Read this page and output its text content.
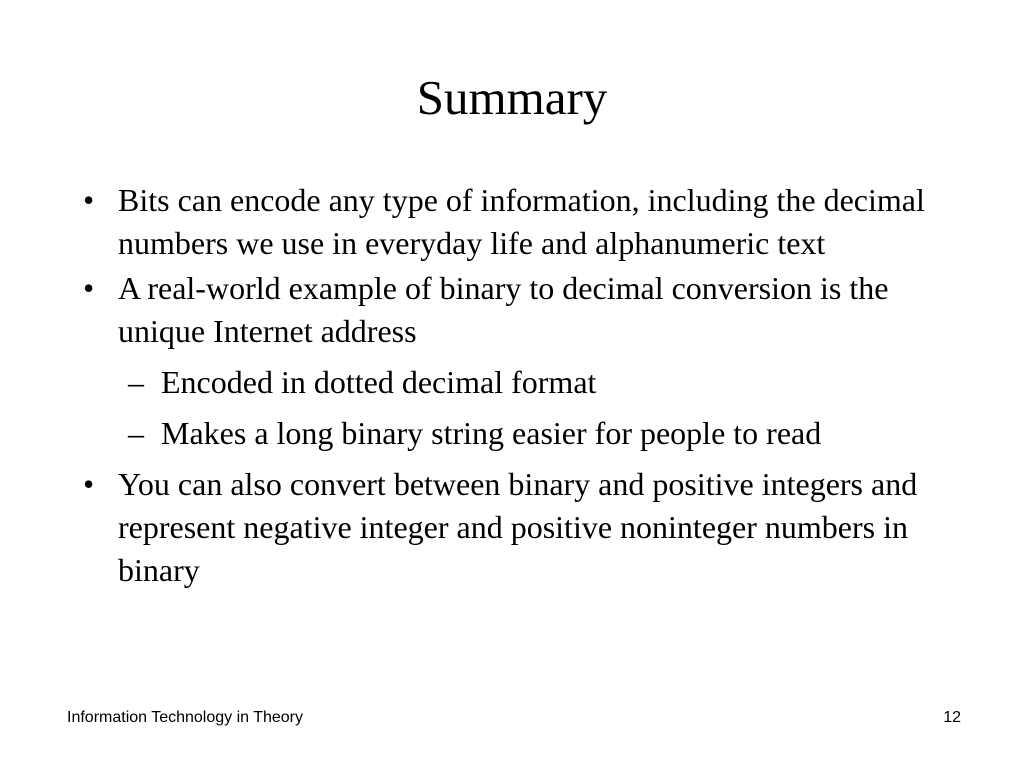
Summary
• Bits can encode any type of information, including the decimal numbers we use in everyday life and alphanumeric text
• A real-world example of binary to decimal conversion is the unique Internet address
– Encoded in dotted decimal format
– Makes a long binary string easier for people to read
• You can also convert between binary and positive integers and represent negative integer and positive noninteger numbers in binary
Information Technology in Theory	12
